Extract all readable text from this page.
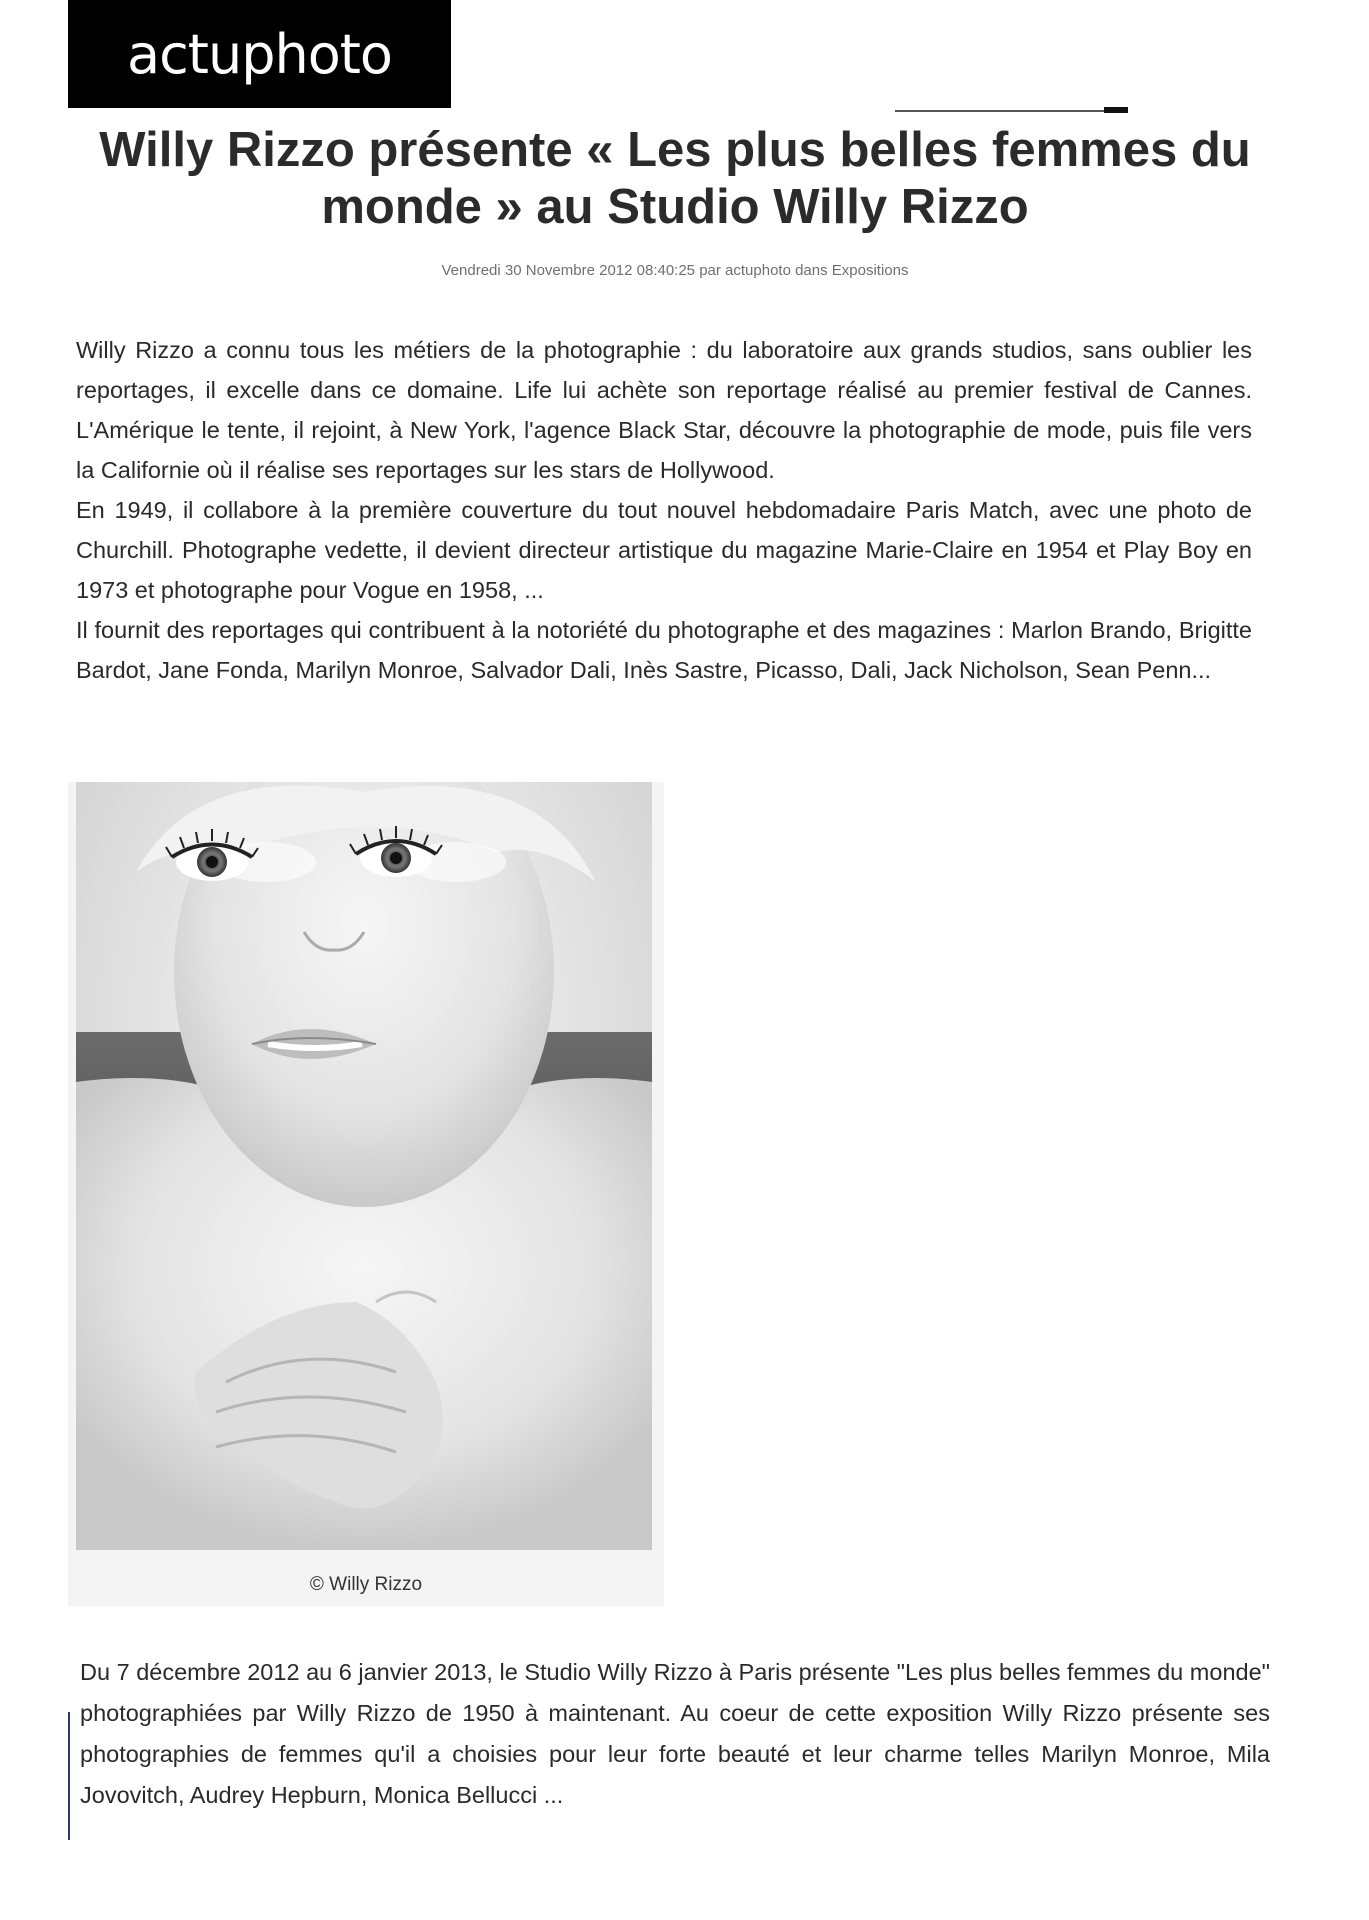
actuphoto
Willy Rizzo présente « Les plus belles femmes du monde » au Studio Willy Rizzo
Vendredi 30 Novembre 2012 08:40:25 par actuphoto dans Expositions

Willy Rizzo a connu tous les métiers de la photographie : du laboratoire aux grands studios, sans oublier les reportages, il excelle dans ce domaine. Life lui achète son reportage réalisé au premier festival de Cannes. L'Amérique le tente, il rejoint, à New York, l'agence Black Star, découvre la photographie de mode, puis file vers la Californie où il réalise ses reportages sur les stars de Hollywood.

En 1949, il collabore à la première couverture du tout nouvel hebdomadaire Paris Match, avec une photo de Churchill. Photographe vedette, il devient directeur artistique du magazine Marie-Claire en 1954 et Play Boy en 1973 et photographe pour Vogue en 1958, ...

Il fournit des reportages qui contribuent à la notoriété du photographe et des magazines : Marlon Brando, Brigitte Bardot, Jane Fonda, Marilyn Monroe, Salvador Dali, Inès Sastre, Picasso, Dali, Jack Nicholson, Sean Penn...

© Willy Rizzo

Du 7 décembre 2012 au 6 janvier 2013, le Studio Willy Rizzo à Paris présente "Les plus belles femmes du monde" photographiées par Willy Rizzo de 1950 à maintenant. Au coeur de cette exposition Willy Rizzo présente ses photographies de femmes qu'il a choisies pour leur forte beauté et leur charme telles Marilyn Monroe, Mila Jovovitch, Audrey Hepburn, Monica Bellucci ...
